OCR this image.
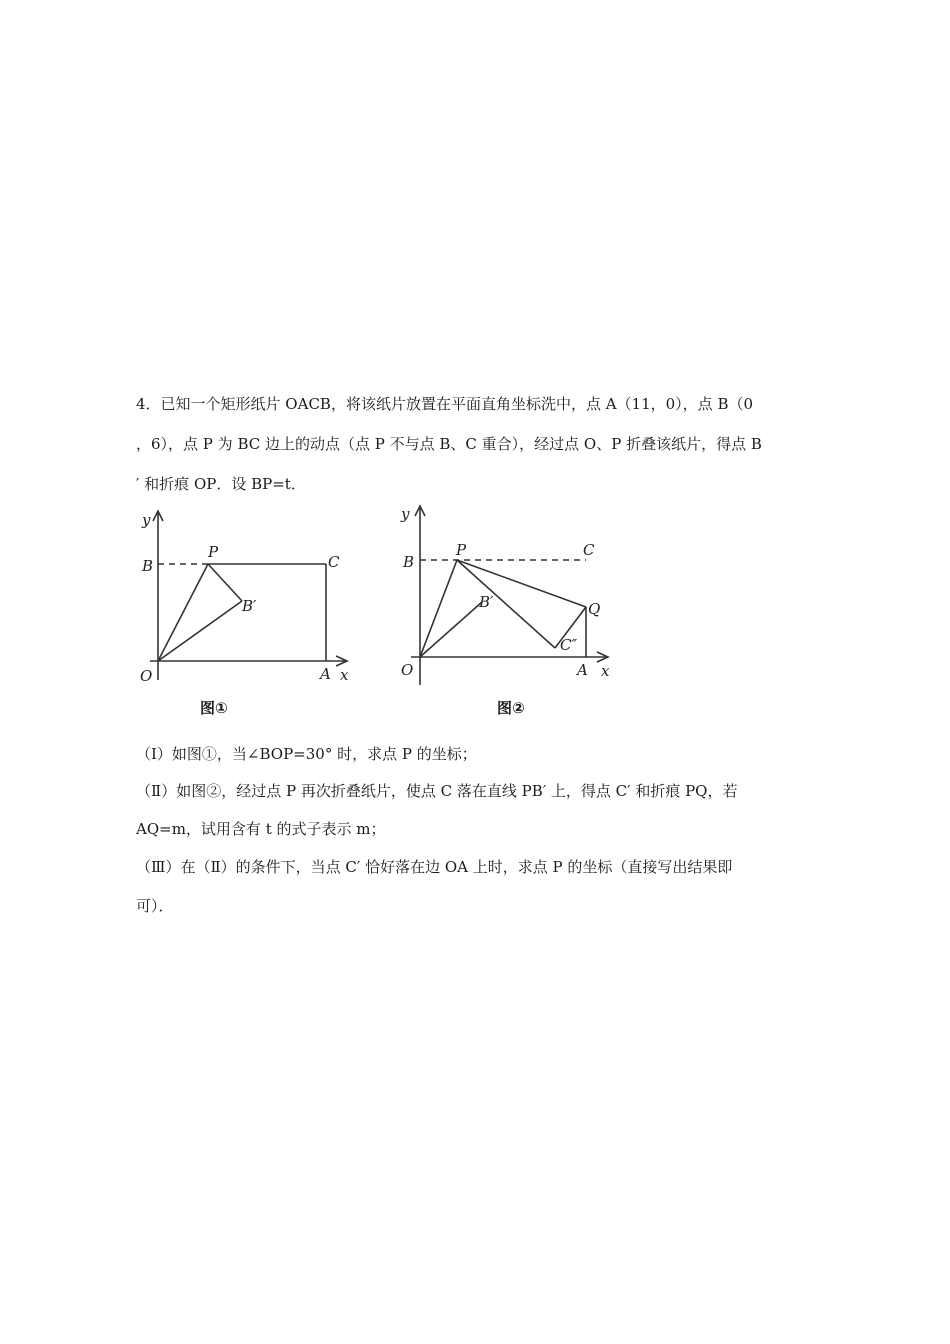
4．已知一个矩形纸片 OACB，将该纸片放置在平面直角坐标洗中，点 A（11，0），点 B（0
，6），点 P 为 BC 边上的动点（点 P 不与点 B、C 重合），经过点 O、P 折叠该纸片，得点 B
′ 和折痕 OP．设 BP=t．
y
B
P
C
B′
O	A x
图①
y
B
P	C
B′	Q
C″
O	A x
图②
（Ⅰ）如图①，当∠BOP=30° 时，求点 P 的坐标；
（Ⅱ）如图②，经过点 P 再次折叠纸片，使点 C 落在直线 PB′ 上，得点 C′ 和折痕 PQ，若
AQ=m，试用含有 t 的式子表示 m；
（Ⅲ）在（Ⅱ）的条件下，当点 C′ 恰好落在边 OA 上时，求点 P 的坐标（直接写出结果即
可）．
